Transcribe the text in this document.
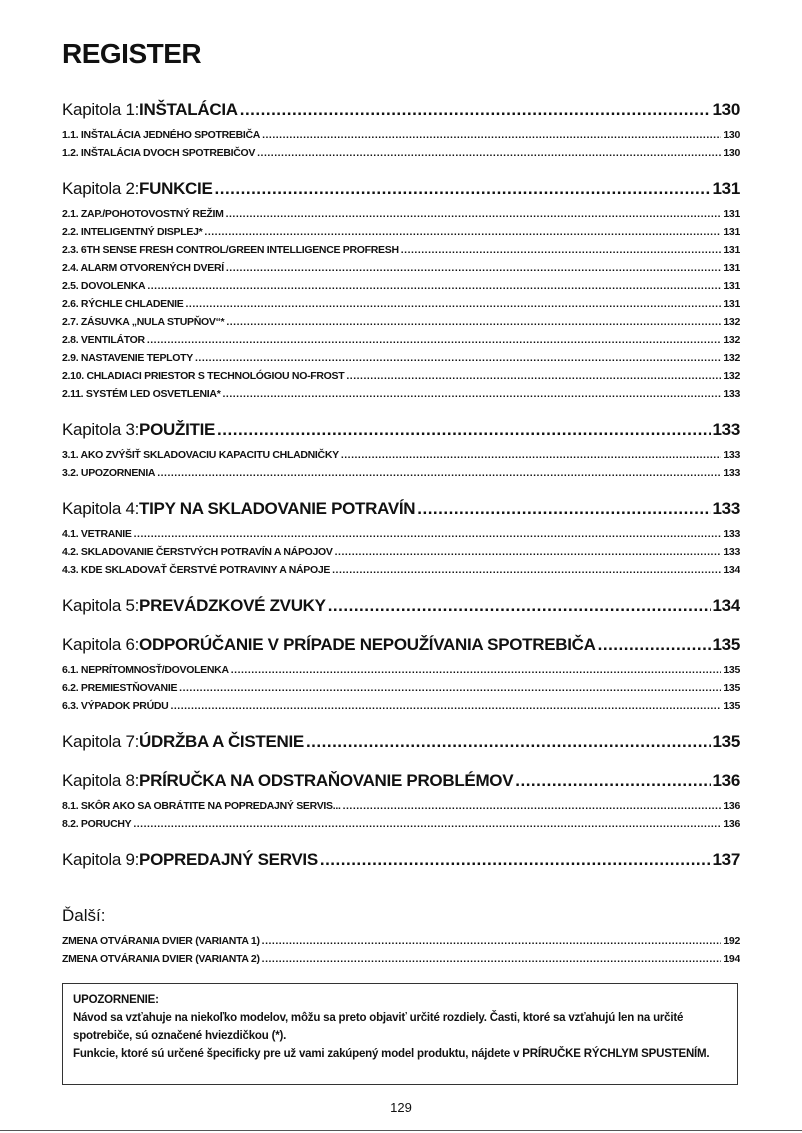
REGISTER
Kapitola 1: INŠTALÁCIA .....	130
1.1. INŠTALÁCIA JEDNÉHO SPOTREBIČA .....	130
1.2. INŠTALÁCIA DVOCH SPOTREBIČOV .....	130
Kapitola 2: FUNKCIE .....	131
2.1. ZAP./POHOTOVOSTNÝ REŽIM .....	131
2.2. INTELIGENTNÝ DISPLEJ* .....	131
2.3. 6TH SENSE FRESH CONTROL/GREEN INTELLIGENCE PROFRESH .....	131
2.4. ALARM OTVORENÝCH DVERÍ .....	131
2.5. DOVOLENKA .....	131
2.6. RÝCHLE CHLADENIE .....	131
2.7. ZÁSUVKA „NULA STUPŇOV“* .....	132
2.8. VENTILÁTOR .....	132
2.9. NASTAVENIE TEPLOTY .....	132
2.10. CHLADIACI PRIESTOR S TECHNOLÓGIOU NO-FROST .....	132
2.11. SYSTÉM LED OSVETLENIA* .....	133
Kapitola 3: POUŽITIE .....	133
3.1. AKO ZVÝŠIŤ SKLADOVACIU KAPACITU CHLADNIČKY .....	133
3.2. UPOZORNENIA .....	133
Kapitola 4: TIPY NA SKLADOVANIE POTRAVÍN .....	133
4.1. VETRANIE .....	133
4.2. SKLADOVANIE ČERSTVÝCH POTRAVÍN A NÁPOJOV .....	133
4.3. KDE SKLADOVAŤ ČERSTVÉ POTRAVINY A NÁPOJE .....	134
Kapitola 5: PREVÁDZKOVÉ ZVUKY .....	134
Kapitola 6: ODPORÚČANIE V PRÍPADE NEPOUŽÍVANIA SPOTREBIČA .....	135
6.1. NEPRÍTOMNOSŤ/DOVOLENKA .....	135
6.2. PREMIESTŇOVANIE .....	135
6.3. VÝPADOK PRÚDU .....	135
Kapitola 7: ÚDRŽBA A ČISTENIE .....	135
Kapitola 8: PRÍRUČKA NA ODSTRAŇOVANIE PROBLÉMOV .....	136
8.1. SKÔR AKO SA OBRÁTITE NA POPREDAJNÝ SERVIS... .....	136
8.2. PORUCHY .....	136
Kapitola 9: POPREDAJNÝ SERVIS .....	137
Ďalší:
ZMENA OTVÁRANIA DVIER (VARIANTA 1) .....	192
ZMENA OTVÁRANIA DVIER (VARIANTA 2) .....	194

UPOZORNENIE:

Návod sa vzťahuje na niekoľko modelov, môžu sa preto objaviť určité rozdiely. Časti, ktoré sa vzťahujú len na určité spotrebiče, sú označené hviezdičkou (*).

Funkcie, ktoré sú určené špecificky pre už vami zakúpený model produktu, nájdete v PRÍRUČKE RÝCHLYM SPUSTENÍM.

129
